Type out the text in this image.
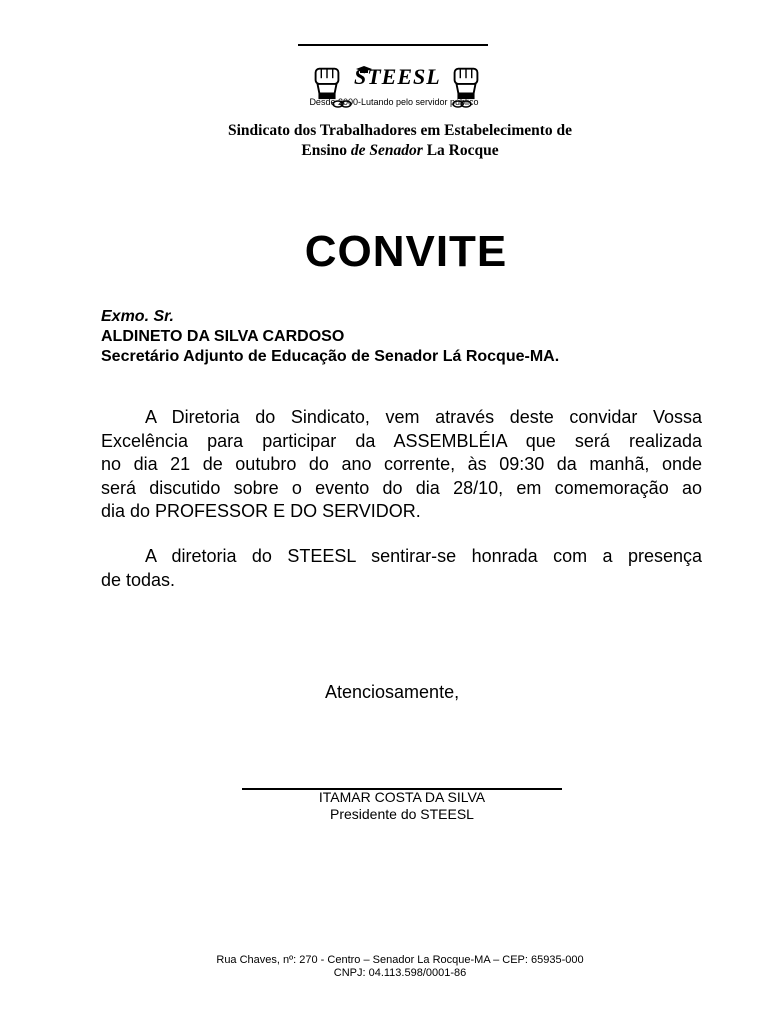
STEESL
Desde 2000-Lutando pelo servidor público
Sindicato dos Trabalhadores em Estabelecimento de
Ensino de Senador La Rocque
CONVITE
Exmo. Sr.
ALDINETO DA SILVA CARDOSO
Secretário Adjunto de Educação de Senador Lá Rocque-MA.
A Diretoria do Sindicato, vem através deste convidar Vossa
Excelência para participar da ASSEMBLÉIA que será realizada
no dia 21 de outubro do ano corrente, às 09:30 da manhã, onde
será discutido sobre o evento do dia 28/10, em comemoração ao
dia do PROFESSOR E DO SERVIDOR.
A diretoria do STEESL sentirar-se honrada com a presença
de todas.
Atenciosamente,
ITAMAR COSTA DA SILVA
Presidente do STEESL
Rua Chaves, nº: 270 - Centro – Senador La Rocque-MA – CEP: 65935-000
CNPJ: 04.113.598/0001-86
